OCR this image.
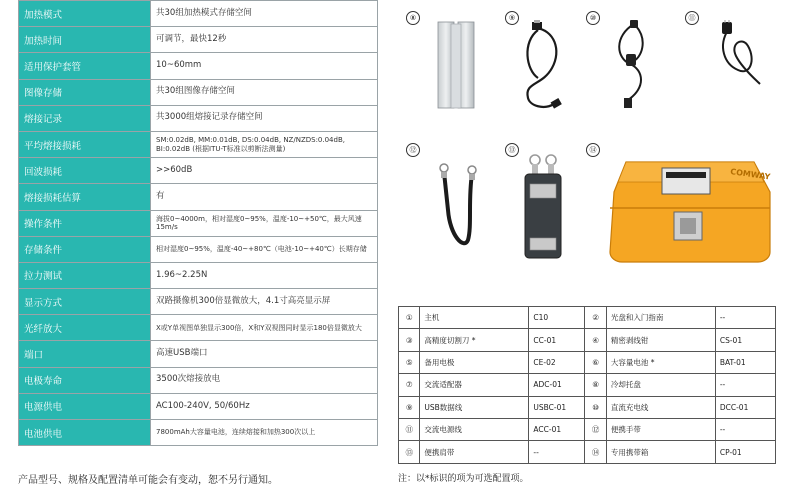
加热模式	共30组加热模式存储空间
加热时间	可调节，最快12秒
适用保护套管	10~60mm
图像存储	共30组图像存储空间
熔接记录	共3000组熔接记录存储空间
平均熔接损耗	SM:0.02dB, MM:0.01dB, DS:0.04dB, NZ/NZDS:0.04dB, BI:0.02dB (根据ITU-T标准以剪断法测量)
回波损耗	>>60dB
熔接损耗估算	有
操作条件	海拔0~4000m，相对湿度0~95%，温度-10~+50℃，最大风速15m/s
存储条件	相对湿度0~95%，温度-40~+80℃（电池-10~+40℃）长期存储
拉力测试	1.96~2.25N
显示方式	双路摄像机300倍显微放大，4.1寸高亮显示屏
光纤放大	X或Y单视图单独显示300倍，X和Y双视图同时显示180倍显微放大
端口	高速USB端口
电极寿命	3500次熔接放电
电源供电	AC100-240V, 50/60Hz
电池供电	7800mAh大容量电池，连续熔接和加热300次以上
产品型号、规格及配置清单可能会有变动，恕不另行通知。
⑧	⑨	⑩	⑪
⑫	⑬	⑭
COMWAY
①	主机	C10	②	光盘和入门指南	--
③	高精度切割刀 *	CC-01	④	精密剥线钳	CS-01
⑤	备用电极	CE-02	⑥	大容量电池 *	BAT-01
⑦	交流适配器	ADC-01	⑧	冷却托盘	--
⑨	USB数据线	USBC-01	⑩	直流充电线	DCC-01
⑪	交流电源线	ACC-01	⑫	便携手带	--
⑬	便携肩带	--	⑭	专用携带箱	CP-01
注：以*标识的项为可选配置项。
